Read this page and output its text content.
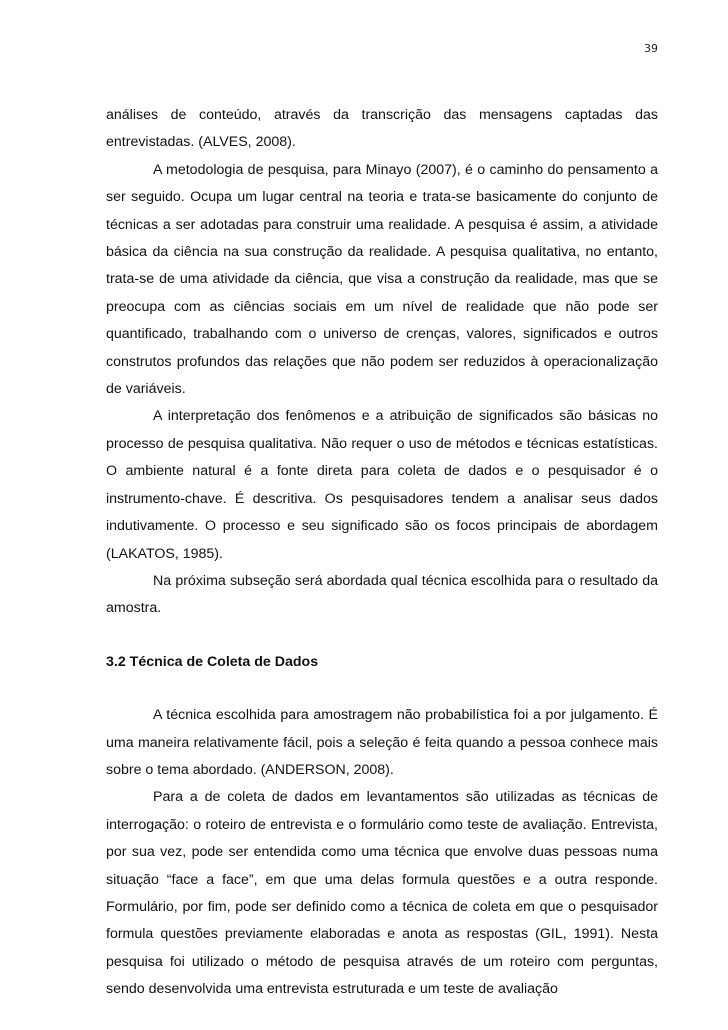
39

análises de conteúdo, através da transcrição das mensagens captadas das entrevistadas. (ALVES, 2008).

A metodologia de pesquisa, para Minayo (2007), é o caminho do pensamento a ser seguido. Ocupa um lugar central na teoria e trata-se basicamente do conjunto de técnicas a ser adotadas para construir uma realidade. A pesquisa é assim, a atividade básica da ciência na sua construção da realidade. A pesquisa qualitativa, no entanto, trata-se de uma atividade da ciência, que visa a construção da realidade, mas que se preocupa com as ciências sociais em um nível de realidade que não pode ser quantificado, trabalhando com o universo de crenças, valores, significados e outros construtos profundos das relações que não podem ser reduzidos à operacionalização de variáveis.

A interpretação dos fenômenos e a atribuição de significados são básicas no processo de pesquisa qualitativa. Não requer o uso de métodos e técnicas estatísticas. O ambiente natural é a fonte direta para coleta de dados e o pesquisador é o instrumento-chave. É descritiva. Os pesquisadores tendem a analisar seus dados indutivamente. O processo e seu significado são os focos principais de abordagem (LAKATOS, 1985).

Na próxima subseção será abordada qual técnica escolhida para o resultado da amostra.

3.2 Técnica de Coleta de Dados

A técnica escolhida para amostragem não probabilística foi a por julgamento. É uma maneira relativamente fácil, pois a seleção é feita quando a pessoa conhece mais sobre o tema abordado. (ANDERSON, 2008).

Para a de coleta de dados em levantamentos são utilizadas as técnicas de interrogação: o roteiro de entrevista e o formulário como teste de avaliação. Entrevista, por sua vez, pode ser entendida como uma técnica que envolve duas pessoas numa situação “face a face”, em que uma delas formula questões e a outra responde. Formulário, por fim, pode ser definido como a técnica de coleta em que o pesquisador formula questões previamente elaboradas e anota as respostas (GIL, 1991). Nesta pesquisa foi utilizado o método de pesquisa através de um roteiro com perguntas, sendo desenvolvida uma entrevista estruturada e um teste de avaliação
